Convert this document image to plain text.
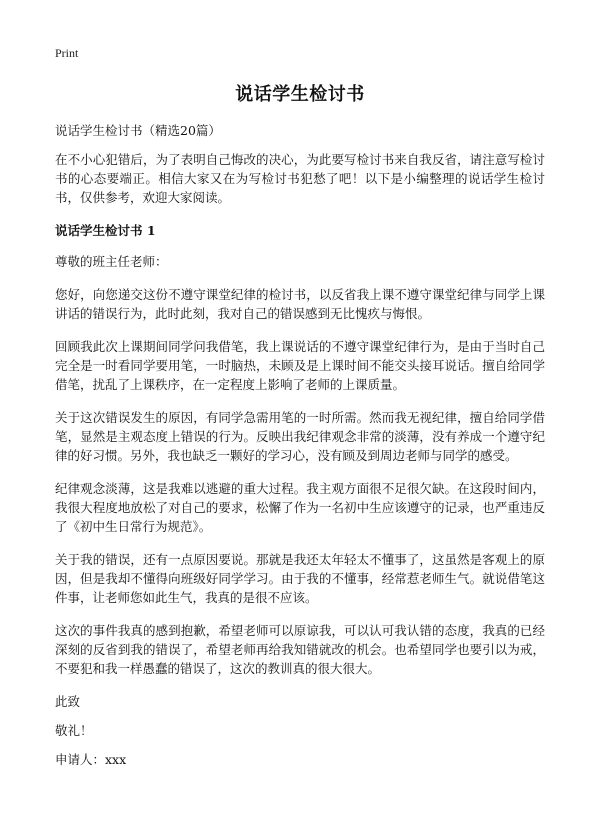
Print
说话学生检讨书

说话学生检讨书（精选20篇）

在不小心犯错后，为了表明自己悔改的决心，为此要写检讨书来自我反省，请注意写检讨书的心态要端正。相信大家又在为写检讨书犯愁了吧！以下是小编整理的说话学生检讨书，仅供参考，欢迎大家阅读。

说话学生检讨书 1

尊敬的班主任老师：

您好，向您递交这份不遵守课堂纪律的检讨书，以反省我上课不遵守课堂纪律与同学上课讲话的错误行为，此时此刻，我对自己的错误感到无比愧疚与悔恨。

回顾我此次上课期间同学问我借笔，我上课说话的不遵守课堂纪律行为，是由于当时自己完全是一时看同学要用笔，一时脑热，未顾及是上课时间不能交头接耳说话。擅自给同学借笔，扰乱了上课秩序，在一定程度上影响了老师的上课质量。

关于这次错误发生的原因，有同学急需用笔的一时所需。然而我无视纪律，擅自给同学借笔，显然是主观态度上错误的行为。反映出我纪律观念非常的淡薄，没有养成一个遵守纪律的好习惯。另外，我也缺乏一颗好的学习心，没有顾及到周边老师与同学的感受。

纪律观念淡薄，这是我难以逃避的重大过程。我主观方面很不足很欠缺。在这段时间内，我很大程度地放松了对自己的要求，松懈了作为一名初中生应该遵守的记录，也严重违反了《初中生日常行为规范》。

关于我的错误，还有一点原因要说。那就是我还太年轻太不懂事了，这虽然是客观上的原因，但是我却不懂得向班级好同学学习。由于我的不懂事，经常惹老师生气。就说借笔这件事，让老师您如此生气，我真的是很不应该。

这次的事件我真的感到抱歉，希望老师可以原谅我，可以认可我认错的态度，我真的已经深刻的反省到我的错误了，希望老师再给我知错就改的机会。也希望同学也要引以为戒，不要犯和我一样愚蠢的错误了，这次的教训真的很大很大。

此致

敬礼！

申请人：xxx
